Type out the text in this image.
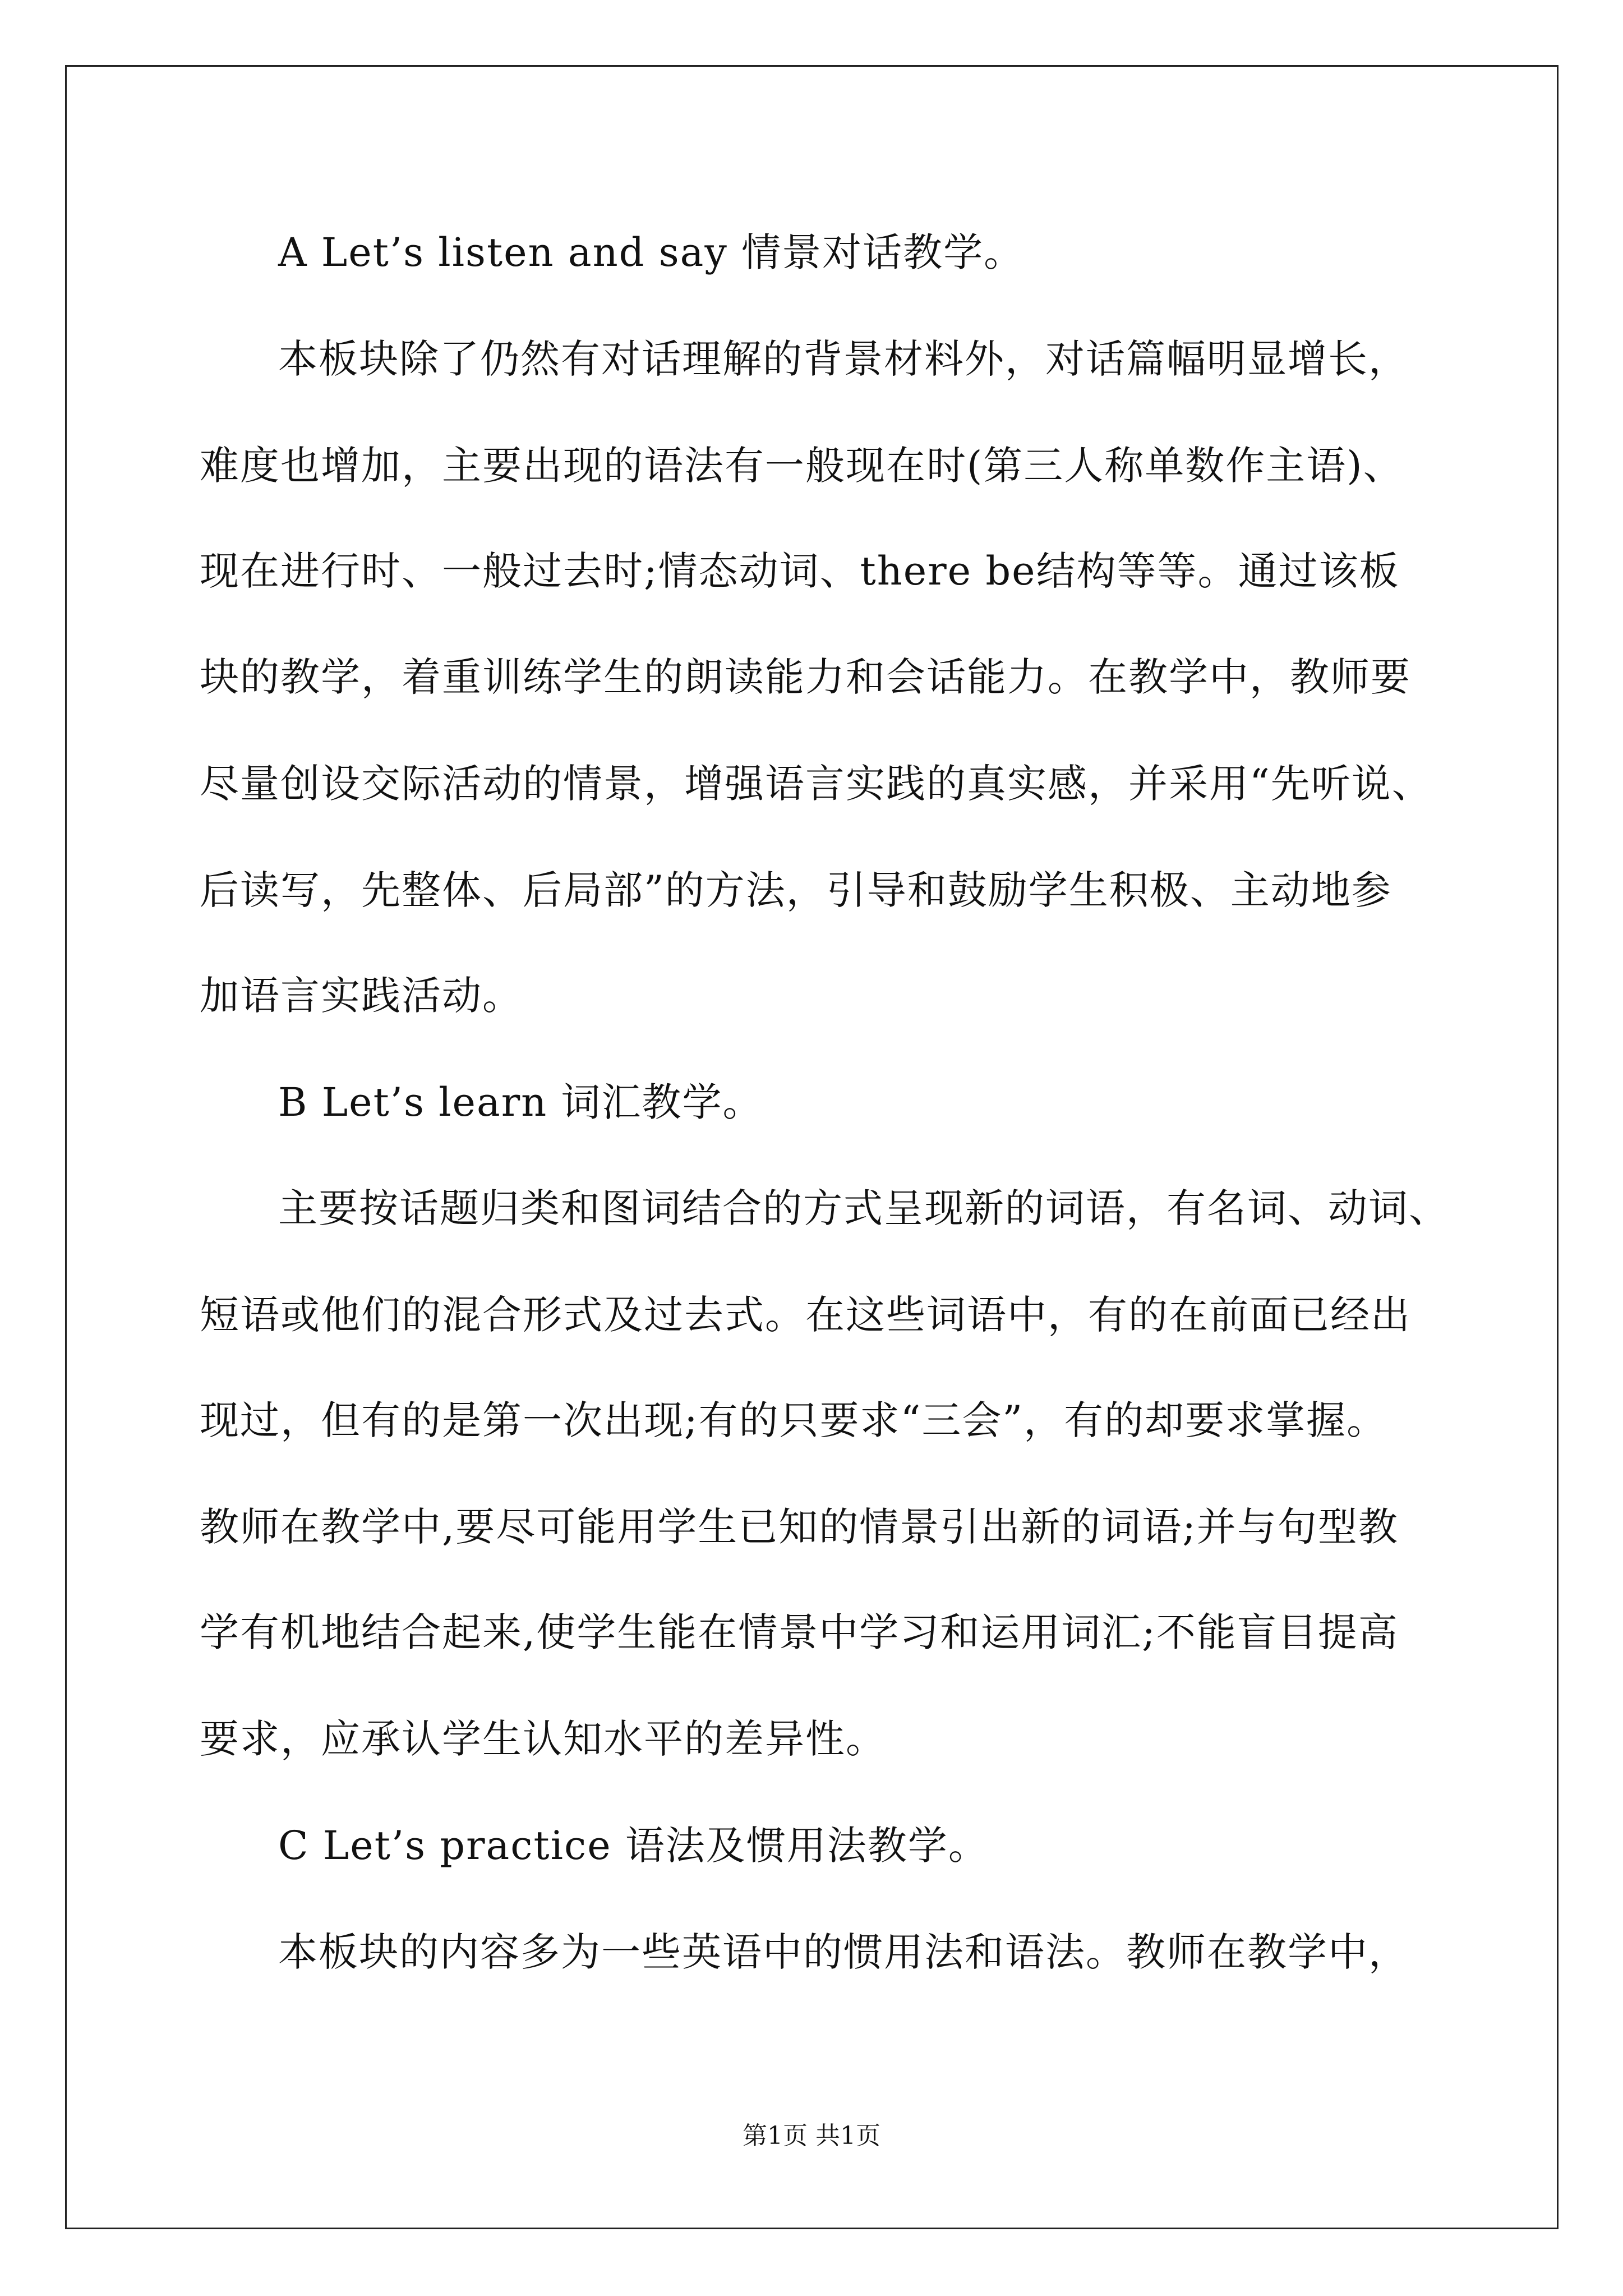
A Let’s listen and say 情景对话教学。
本板块除了仍然有对话理解的背景材料外，对话篇幅明显增长，
难度也增加，主要出现的语法有一般现在时(第三人称单数作主语)、
现在进行时、一般过去时;情态动词、there be结构等等。通过该板
块的教学，着重训练学生的朗读能力和会话能力。在教学中，教师要
尽量创设交际活动的情景，增强语言实践的真实感，并采用“先听说、
后读写，先整体、后局部”的方法，引导和鼓励学生积极、主动地参
加语言实践活动。
B Let’s learn 词汇教学。
主要按话题归类和图词结合的方式呈现新的词语，有名词、动词、
短语或他们的混合形式及过去式。在这些词语中，有的在前面已经出
现过，但有的是第一次出现;有的只要求“三会”，有的却要求掌握。
教师在教学中,要尽可能用学生已知的情景引出新的词语;并与句型教
学有机地结合起来,使学生能在情景中学习和运用词汇;不能盲目提高
要求，应承认学生认知水平的差异性。
C Let’s practice 语法及惯用法教学。
本板块的内容多为一些英语中的惯用法和语法。教师在教学中，
第1页 共1页
